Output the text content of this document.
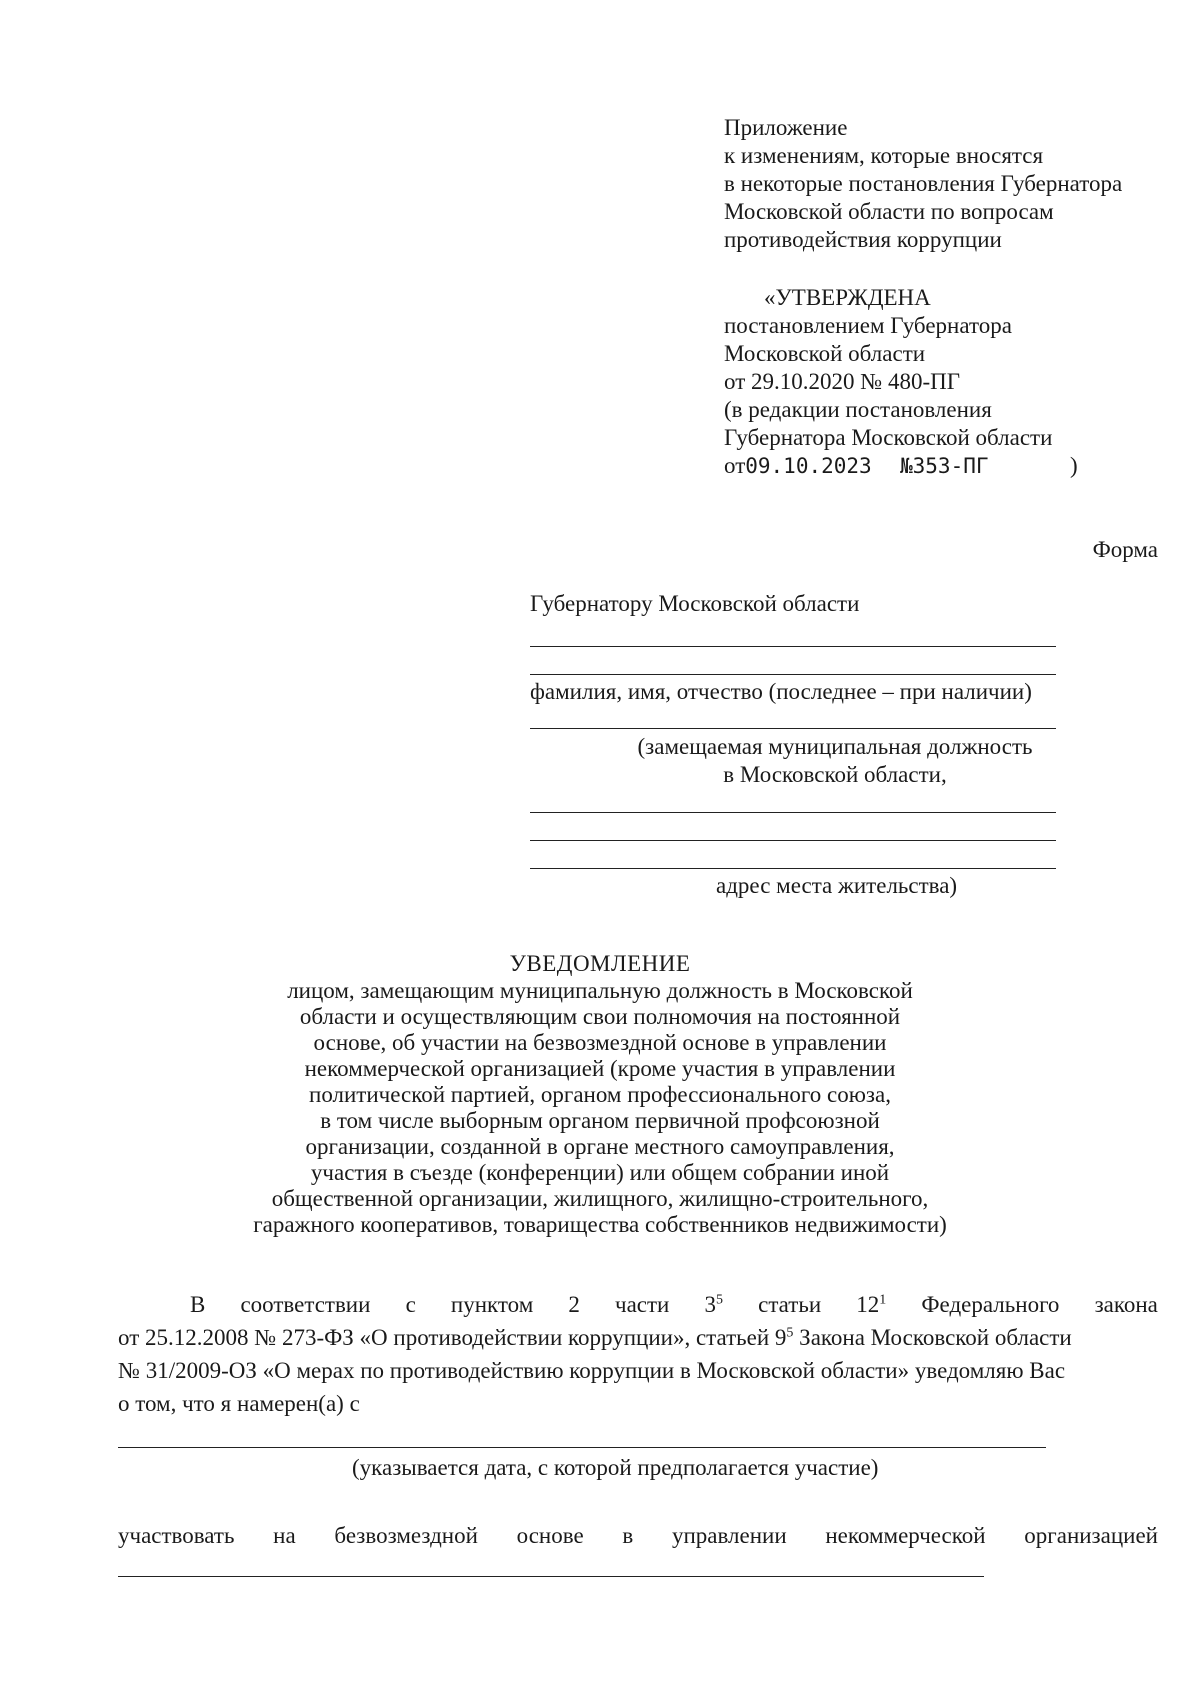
Приложение
к изменениям, которые вносятся
в некоторые постановления Губернатора
Московской области по вопросам
противодействия коррупции
«УТВЕРЖДЕНА
постановлением Губернатора
Московской области
от 29.10.2020 № 480-ПГ
(в редакции постановления
Губернатора Московской области
от09.10.2023 №353-ПГ	)
Форма
Губернатору Московской области
фамилия, имя, отчество (последнее – при наличии)
(замещаемая муниципальная должность
в Московской области,
адрес места жительства)
УВЕДОМЛЕНИЕ
лицом, замещающим муниципальную должность в Московской
области и осуществляющим свои полномочия на постоянной
основе, об участии на безвозмездной основе в управлении
некоммерческой организацией (кроме участия в управлении
политической партией, органом профессионального союза,
в том числе выборным органом первичной профсоюзной
организации, созданной в органе местного самоуправления,
участия в съезде (конференции) или общем собрании иной
общественной организации, жилищного, жилищно-строительного,
гаражного кооперативов, товарищества собственников недвижимости)
В соответствии с пунктом 2 части $3^5$ статьи $12^1$ Федерального закона
от 25.12.2008 № 273-ФЗ «О противодействии коррупции», статьей $9^5$ Закона Московской области
№ 31/2009-ОЗ «О мерах по противодействию коррупции в Московской области» уведомляю Вас
о том, что я намерен(а) с
(указывается дата, с которой предполагается участие)
участвовать на безвозмездной основе в управлении некоммерческой организацией
